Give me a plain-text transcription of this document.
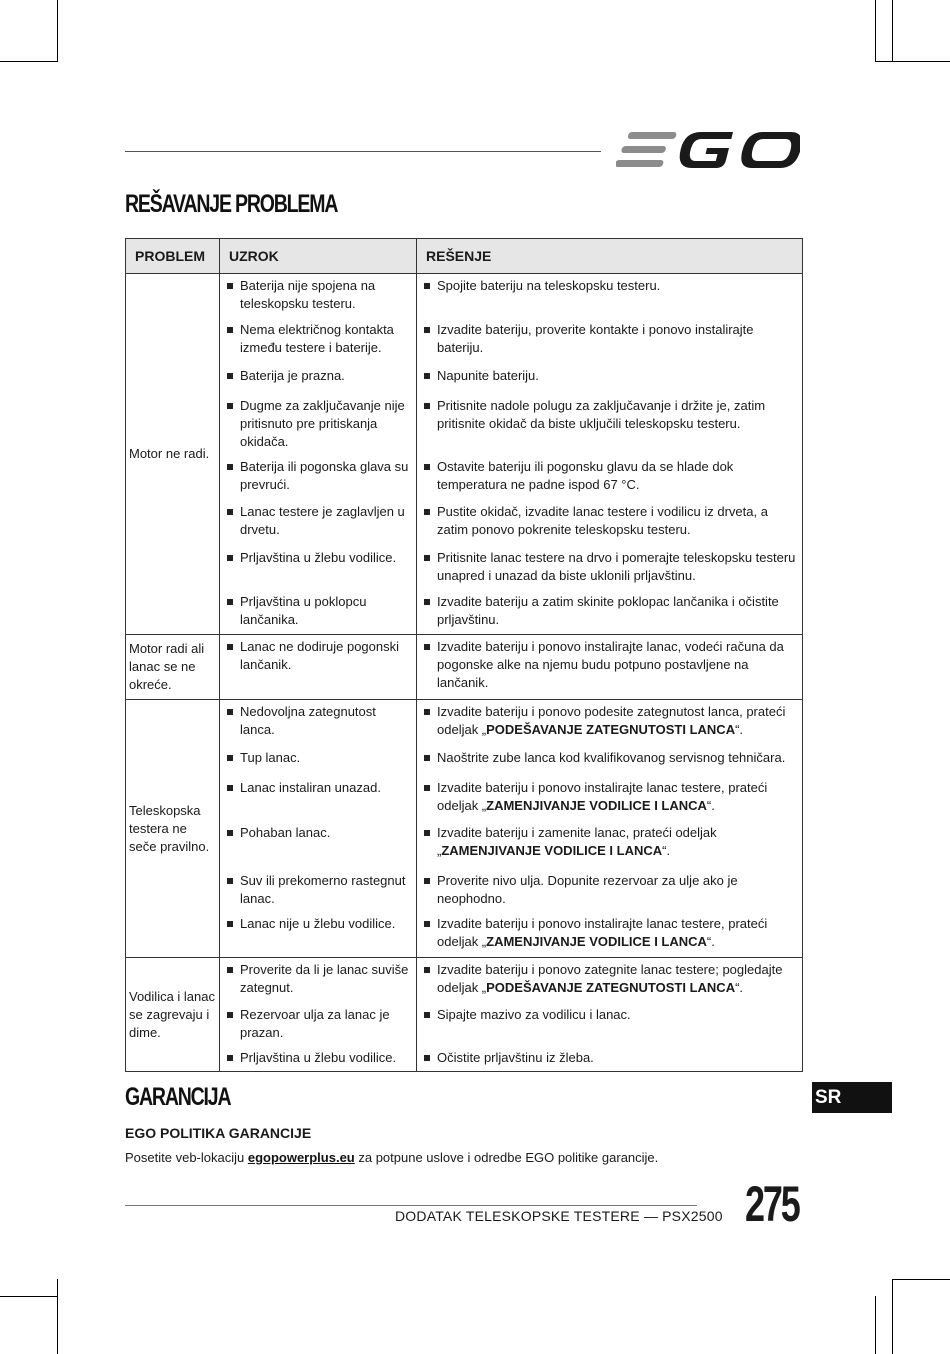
REŠAVANJE PROBLEMA
PROBLEM	UZROK	REŠENJE
Motor ne radi.	Baterija nije spojena na teleskopsku testeru.	Spojite bateriju na teleskopsku testeru.

	Nema električnog kontakta između testere i baterije.	Izvadite bateriju, proverite kontakte i ponovo instalirajte bateriju.

	Baterija je prazna.	Napunite bateriju.

	Dugme za zaključavanje nije pritisnuto pre pritiskanja okidača.	Pritisnite nadole polugu za zaključavanje i držite je, zatim pritisnite okidač da biste uključili teleskopsku testeru.

	Baterija ili pogonska glava su prevrući.	Ostavite bateriju ili pogonsku glavu da se hlade dok temperatura ne padne ispod 67 °C.

	Lanac testere je zaglavljen u drvetu.	Pustite okidač, izvadite lanac testere i vodilicu iz drveta, a zatim ponovo pokrenite teleskopsku testeru.

	Prljavština u žlebu vodilice.	Pritisnite lanac testere na drvo i pomerajte teleskopsku testeru unapred i unazad da biste uklonili prljavštinu.

	Prljavština u poklopcu lančanika.	Izvadite bateriju a zatim skinite poklopac lančanika i očistite prljavštinu.

Motor radi ali lanac se ne okreće.	Lanac ne dodiruje pogonski lančanik.	Izvadite bateriju i ponovo instalirajte lanac, vodeći računa da pogonske alke na njemu budu potpuno postavljene na lančanik.

Teleskopska testera ne seče pravilno.	Nedovoljna zategnutost lanca.	Izvadite bateriju i ponovo podesite zategnutost lanca, prateći odeljak „PODEŠAVANJE ZATEGNUTOSTI LANCA“.

	Tup lanac.	Naoštrite zube lanca kod kvalifikovanog servisnog tehničara.

	Lanac instaliran unazad.	Izvadite bateriju i ponovo instalirajte lanac testere, prateći odeljak „ZAMENJIVANJE VODILICE I LANCA“.

	Pohaban lanac.	Izvadite bateriju i zamenite lanac, prateći odeljak „ZAMENJIVANJE VODILICE I LANCA“.

	Suv ili prekomerno rastegnut lanac.	Proverite nivo ulja. Dopunite rezervoar za ulje ako je neophodno.

	Lanac nije u žlebu vodilice.	Izvadite bateriju i ponovo instalirajte lanac testere, prateći odeljak „ZAMENJIVANJE VODILICE I LANCA“.

Vodilica i lanac se zagrevaju i dime.	Proverite da li je lanac suviše zategnut.	Izvadite bateriju i ponovo zategnite lanac testere; pogledajte odeljak „PODEŠAVANJE ZATEGNUTOSTI LANCA“.

	Rezervoar ulja za lanac je prazan.	Sipajte mazivo za vodilicu i lanac.

	Prljavština u žlebu vodilice.	Očistite prljavštinu iz žleba.
GARANCIJA	SR
EGO POLITIKA GARANCIJE
Posetite veb-lokaciju egopowerplus.eu za potpune uslove i odredbe EGO politike garancije.
DODATAK TELESKOPSKE TESTERE — PSX2500 275
